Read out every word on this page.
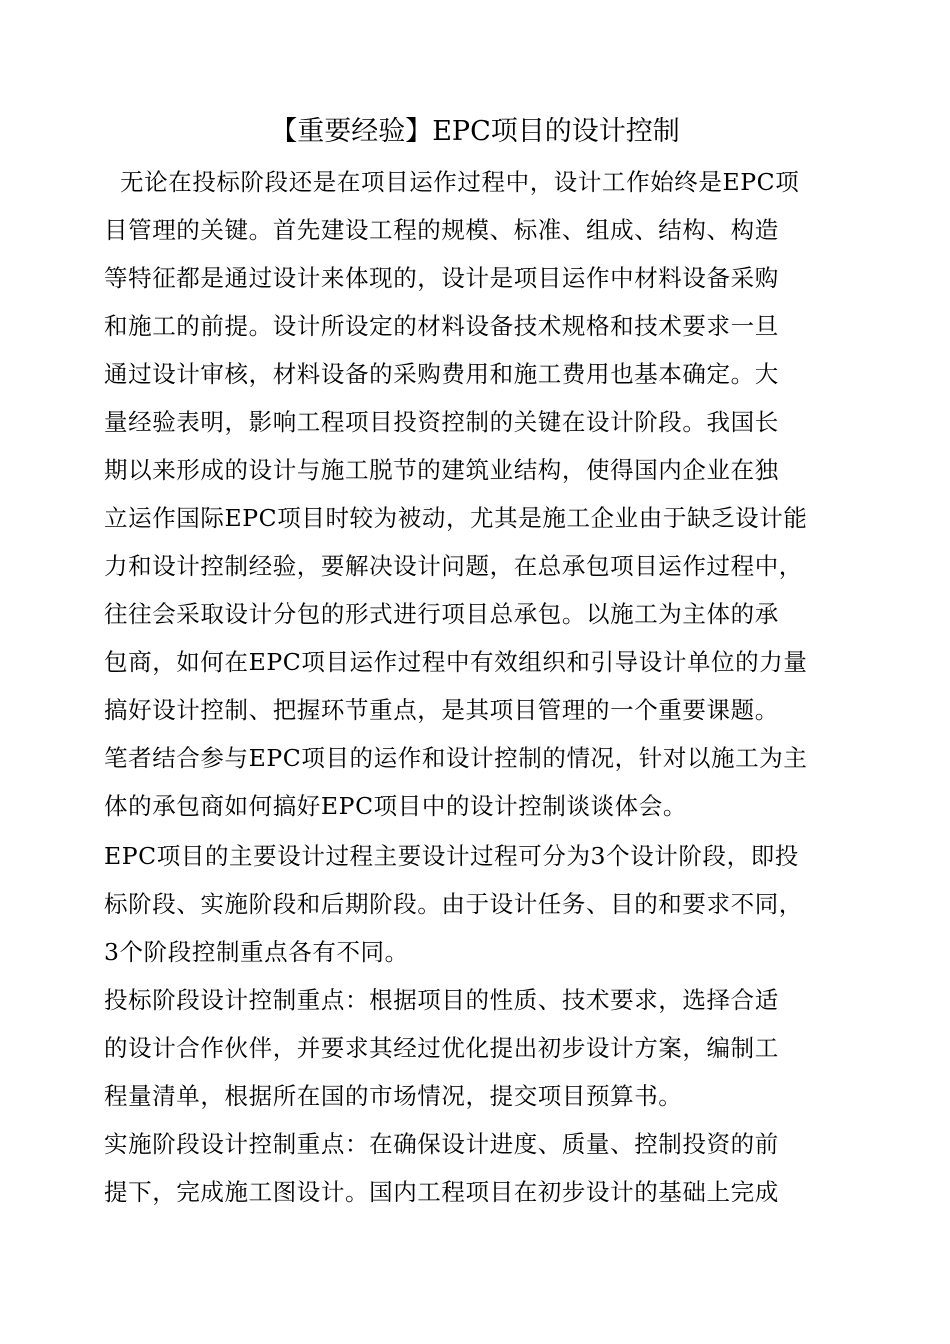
【重要经验】EPC项目的设计控制
无论在投标阶段还是在项目运作过程中，设计工作始终是EPC项
目管理的关键。首先建设工程的规模、标准、组成、结构、构造
等特征都是通过设计来体现的，设计是项目运作中材料设备采购
和施工的前提。设计所设定的材料设备技术规格和技术要求一旦
通过设计审核，材料设备的采购费用和施工费用也基本确定。大
量经验表明，影响工程项目投资控制的关键在设计阶段。我国长
期以来形成的设计与施工脱节的建筑业结构，使得国内企业在独
立运作国际EPC项目时较为被动，尤其是施工企业由于缺乏设计能
力和设计控制经验，要解决设计问题，在总承包项目运作过程中，
往往会采取设计分包的形式进行项目总承包。以施工为主体的承
包商，如何在EPC项目运作过程中有效组织和引导设计单位的力量
搞好设计控制、把握环节重点，是其项目管理的一个重要课题。
笔者结合参与EPC项目的运作和设计控制的情况，针对以施工为主
体的承包商如何搞好EPC项目中的设计控制谈谈体会。
EPC项目的主要设计过程主要设计过程可分为3个设计阶段，即投
标阶段、实施阶段和后期阶段。由于设计任务、目的和要求不同，
3个阶段控制重点各有不同。
投标阶段设计控制重点：根据项目的性质、技术要求，选择合适
的设计合作伙伴，并要求其经过优化提出初步设计方案，编制工
程量清单，根据所在国的市场情况，提交项目预算书。
实施阶段设计控制重点：在确保设计进度、质量、控制投资的前
提下，完成施工图设计。国内工程项目在初步设计的基础上完成
